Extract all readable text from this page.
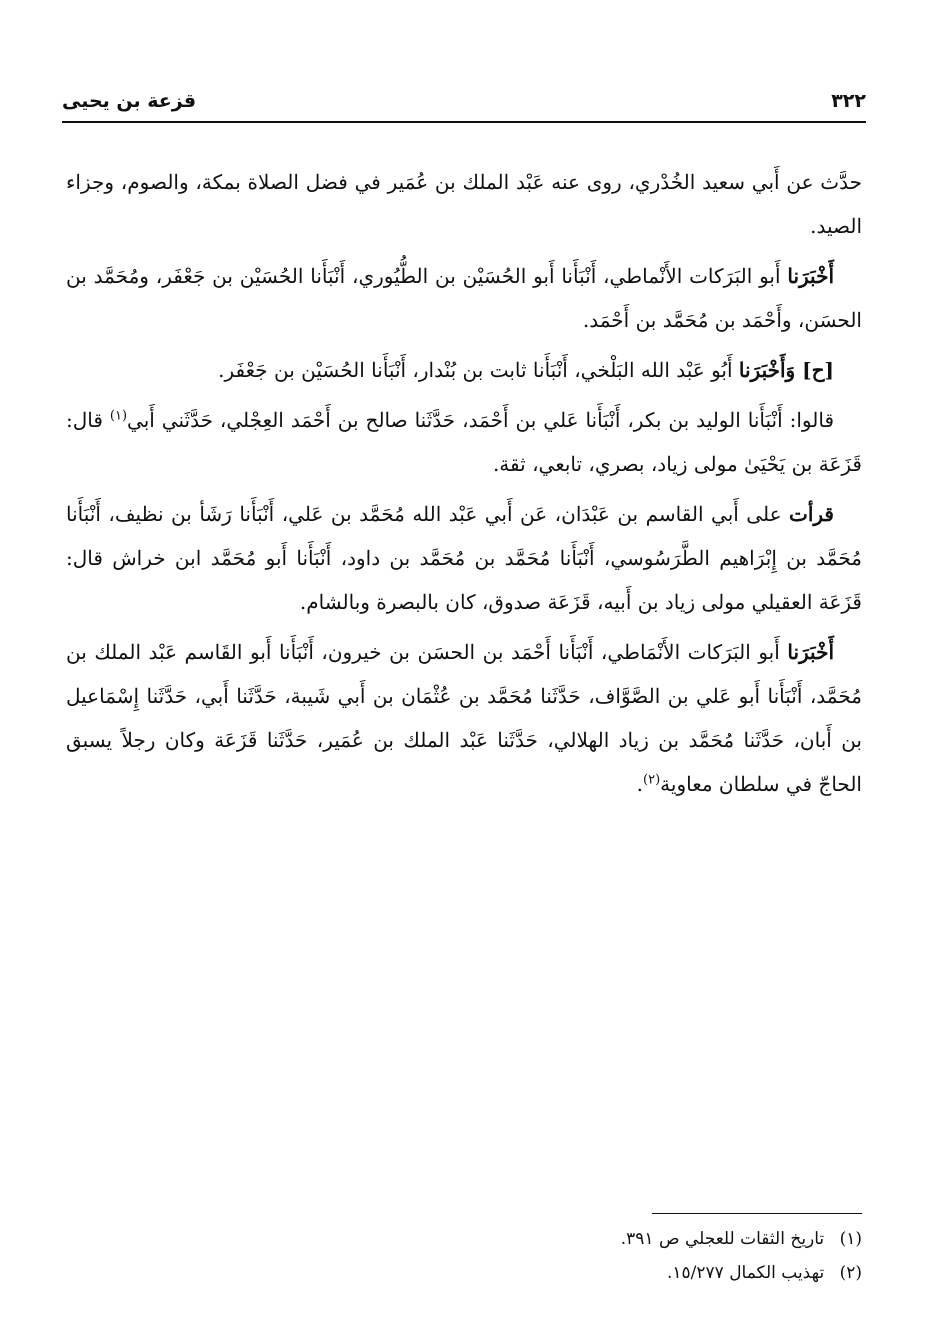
٣٢٢
قزعة بن يحيى

حدَّث عن أَبي سعيد الخُدْري، روى عنه عَبْد الملك بن عُمَير في فضل الصلاة بمكة، والصوم، وجزاء الصيد.

أَخْبَرَنا أَبو البَرَكات الأَنْماطي، أَنْبَأَنا أَبو الحُسَيْن بن الطُّيُوري، أَنْبَأَنا الحُسَيْن بن جَعْفَر، ومُحَمَّد بن الحسَن، وأَحْمَد بن مُحَمَّد بن أَحْمَد.

[ح] وَأَخْبَرَنا أَبُو عَبْد الله البَلْخي، أَنْبَأَنا ثابت بن بُنْدار، أَنْبَأَنا الحُسَيْن بن جَعْفَر.

قالوا: أَنْبَأَنا الوليد بن بكر، أَنْبَأَنا عَلي بن أَحْمَد، حَدَّثَنا صالح بن أَحْمَد العِجْلي، حَدَّثَني أَبي$^{(١)}$ قال: قَزَعَة بن يَحْيَىٰ مولى زياد، بصري، تابعي، ثقة.

قرأت على أَبي القاسم بن عَبْدَان، عَن أَبي عَبْد الله مُحَمَّد بن عَلي، أَنْبَأَنا رَشَأ بن نظيف، أَنْبَأَنا مُحَمَّد بن إِبْرَاهيم الطَّرَسُوسي، أَنْبَأَنا مُحَمَّد بن مُحَمَّد بن داود، أَنْبَأَنا أَبو مُحَمَّد ابن خراش قال: قَزَعَة العقيلي مولى زياد بن أَبيه، قَزَعَة صدوق، كان بالبصرة وبالشام.

أَخْبَرَنا أَبو البَرَكات الأَنْمَاطي، أَنْبَأَنا أَحْمَد بن الحسَن بن خيرون، أَنْبَأَنا أَبو القَاسم عَبْد الملك بن مُحَمَّد، أَنْبَأَنا أَبو عَلي بن الصَّوَّاف، حَدَّثَنا مُحَمَّد بن عُثْمَان بن أَبي شَيبة، حَدَّثَنا أَبي، حَدَّثَنا إِسْمَاعيل بن أَبان، حَدَّثَنا مُحَمَّد بن زياد الهلالي، حَدَّثَنا عَبْد الملك بن عُمَير، حَدَّثَنا قَزَعَة وكان رجلاً يسبق الحاجّ في سلطان معاوية$^{(٢)}$.

(١) تاريخ الثقات للعجلي ص ٣٩١.
(٢) تهذيب الكمال ١٥/٢٧٧.
